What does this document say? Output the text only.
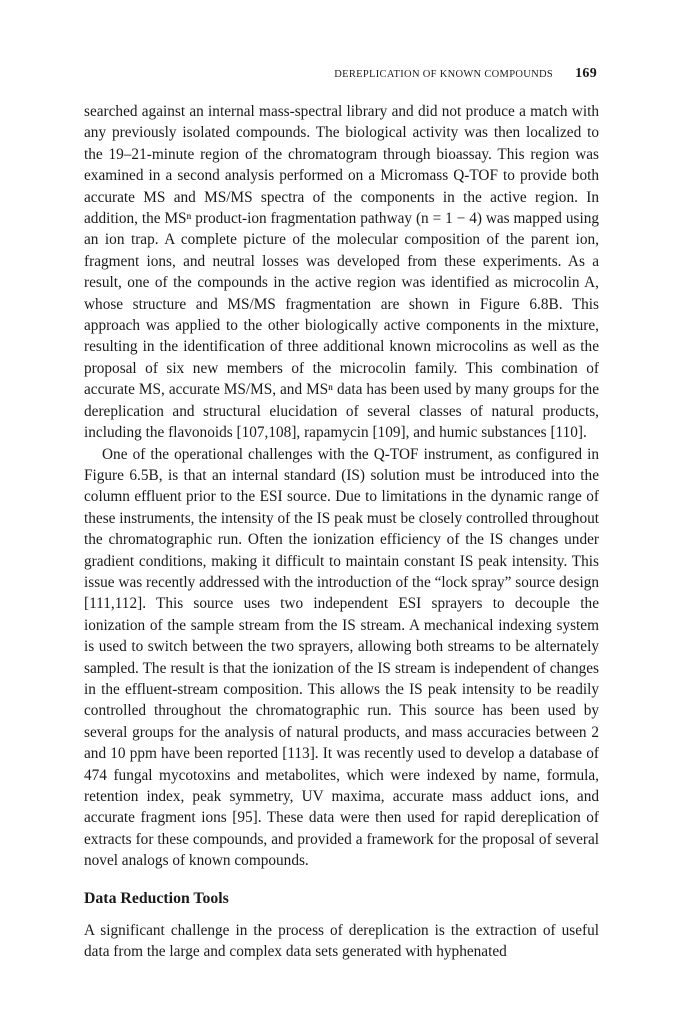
DEREPLICATION OF KNOWN COMPOUNDS 169

searched against an internal mass-spectral library and did not produce a match with any previously isolated compounds. The biological activity was then localized to the 19–21-minute region of the chromatogram through bioassay. This region was examined in a second analysis performed on a Micromass Q-TOF to provide both accurate MS and MS/MS spectra of the components in the active region. In addition, the MSⁿ product-ion fragmentation pathway (n = 1 − 4) was mapped using an ion trap. A complete picture of the molecular composition of the parent ion, fragment ions, and neutral losses was developed from these experiments. As a result, one of the compounds in the active region was identified as microcolin A, whose structure and MS/MS fragmentation are shown in Figure 6.8B. This approach was applied to the other biologically active components in the mixture, resulting in the identification of three additional known microcolins as well as the proposal of six new members of the microcolin family. This combination of accurate MS, accurate MS/MS, and MSⁿ data has been used by many groups for the dereplication and structural elucidation of several classes of natural products, including the flavonoids [107,108], rapamycin [109], and humic substances [110].

One of the operational challenges with the Q-TOF instrument, as configured in Figure 6.5B, is that an internal standard (IS) solution must be introduced into the column effluent prior to the ESI source. Due to limitations in the dynamic range of these instruments, the intensity of the IS peak must be closely controlled throughout the chromatographic run. Often the ionization efficiency of the IS changes under gradient conditions, making it difficult to maintain constant IS peak intensity. This issue was recently addressed with the introduction of the “lock spray” source design [111,112]. This source uses two independent ESI sprayers to decouple the ionization of the sample stream from the IS stream. A mechanical indexing system is used to switch between the two sprayers, allowing both streams to be alternately sampled. The result is that the ionization of the IS stream is independent of changes in the effluent-stream composition. This allows the IS peak intensity to be readily controlled throughout the chromatographic run. This source has been used by several groups for the analysis of natural products, and mass accuracies between 2 and 10 ppm have been reported [113]. It was recently used to develop a database of 474 fungal mycotoxins and metabolites, which were indexed by name, formula, retention index, peak symmetry, UV maxima, accurate mass adduct ions, and accurate fragment ions [95]. These data were then used for rapid dereplication of extracts for these compounds, and provided a framework for the proposal of several novel analogs of known compounds.

Data Reduction Tools

A significant challenge in the process of dereplication is the extraction of useful data from the large and complex data sets generated with hyphenated
